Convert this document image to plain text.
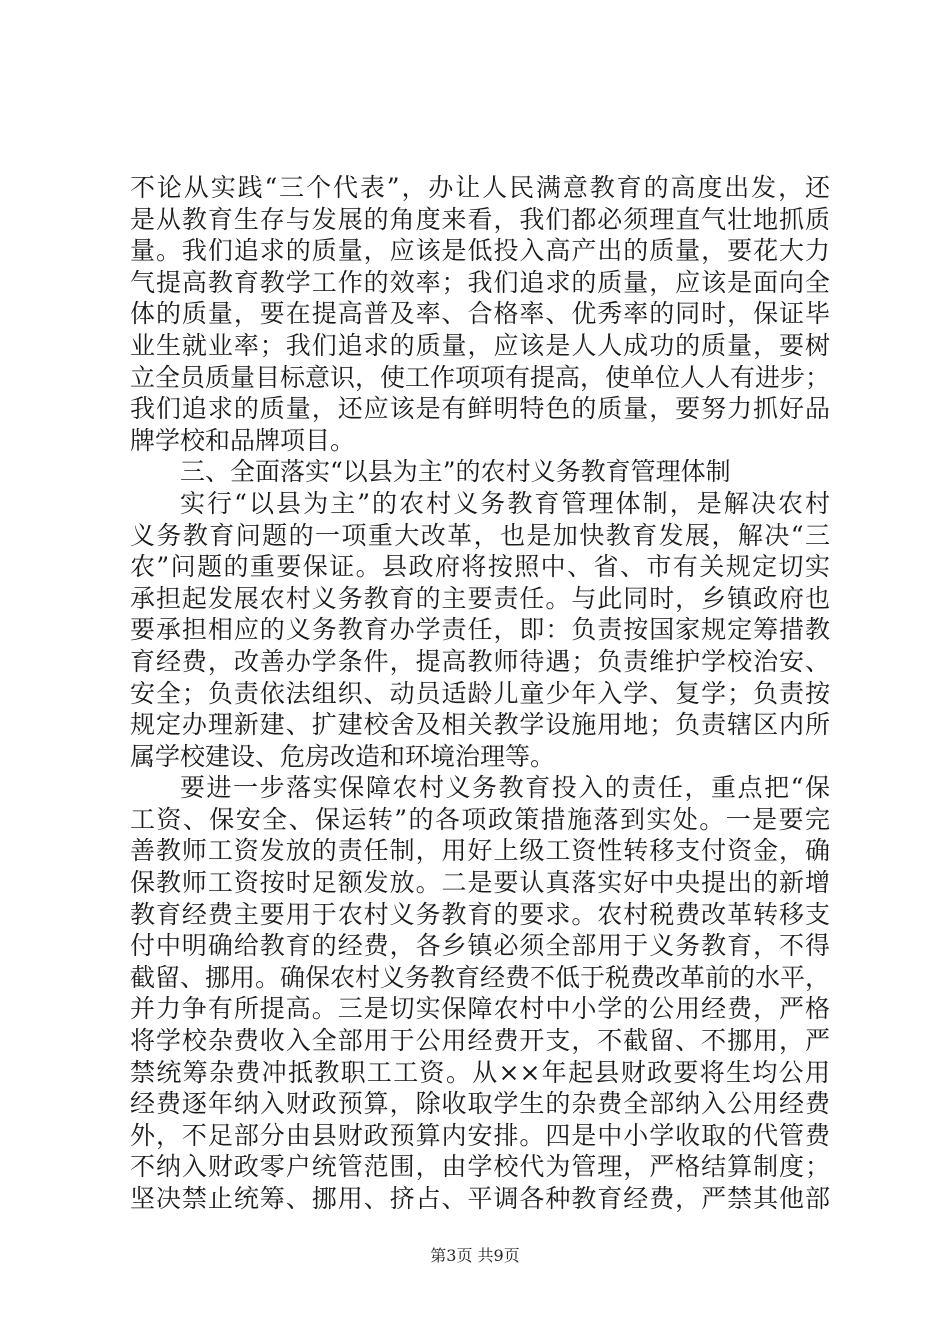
不论从实践“三个代表”，办让人民满意教育的高度出发，还
是从教育生存与发展的角度来看，我们都必须理直气壮地抓质
量。我们追求的质量，应该是低投入高产出的质量，要花大力
气提高教育教学工作的效率；我们追求的质量，应该是面向全
体的质量，要在提高普及率、合格率、优秀率的同时，保证毕
业生就业率；我们追求的质量，应该是人人成功的质量，要树
立全员质量目标意识，使工作项项有提高，使单位人人有进步；
我们追求的质量，还应该是有鲜明特色的质量，要努力抓好品
牌学校和品牌项目。
三、全面落实“以县为主”的农村义务教育管理体制
实行“以县为主”的农村义务教育管理体制，是解决农村
义务教育问题的一项重大改革，也是加快教育发展，解决“三
农”问题的重要保证。县政府将按照中、省、市有关规定切实
承担起发展农村义务教育的主要责任。与此同时，乡镇政府也
要承担相应的义务教育办学责任，即：负责按国家规定筹措教
育经费，改善办学条件，提高教师待遇；负责维护学校治安、
安全；负责依法组织、动员适龄儿童少年入学、复学；负责按
规定办理新建、扩建校舍及相关教学设施用地；负责辖区内所
属学校建设、危房改造和环境治理等。
要进一步落实保障农村义务教育投入的责任，重点把“保
工资、保安全、保运转”的各项政策措施落到实处。一是要完
善教师工资发放的责任制，用好上级工资性转移支付资金，确
保教师工资按时足额发放。二是要认真落实好中央提出的新增
教育经费主要用于农村义务教育的要求。农村税费改革转移支
付中明确给教育的经费，各乡镇必须全部用于义务教育，不得
截留、挪用。确保农村义务教育经费不低于税费改革前的水平，
并力争有所提高。三是切实保障农村中小学的公用经费，严格
将学校杂费收入全部用于公用经费开支，不截留、不挪用，严
禁统筹杂费冲抵教职工工资。从××年起县财政要将生均公用
经费逐年纳入财政预算，除收取学生的杂费全部纳入公用经费
外，不足部分由县财政预算内安排。四是中小学收取的代管费
不纳入财政零户统管范围，由学校代为管理，严格结算制度；
坚决禁止统筹、挪用、挤占、平调各种教育经费，严禁其他部
第3页 共9页
